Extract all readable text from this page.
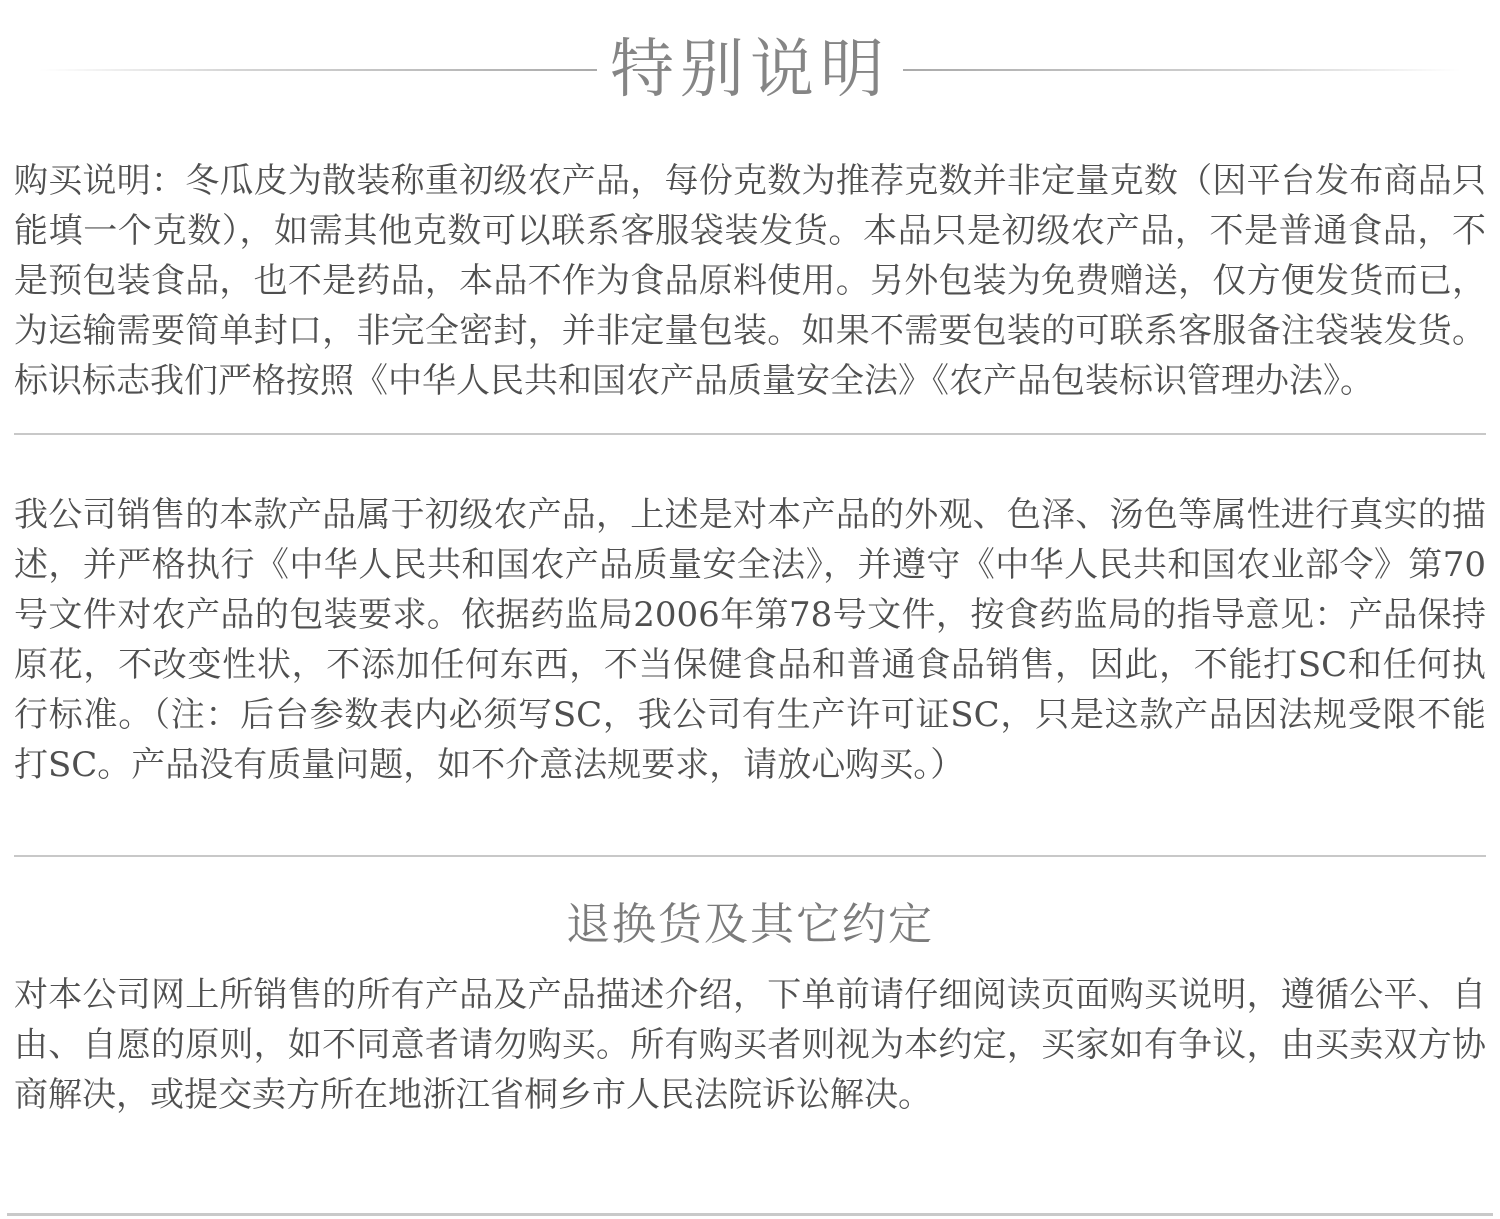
特别说明

购买说明：冬瓜皮为散装称重初级农产品，每份克数为推荐克数并非定量克数（因平台发布商品只能填一个克数），如需其他克数可以联系客服袋装发货。本品只是初级农产品，不是普通食品，不是预包装食品，也不是药品，本品不作为食品原料使用。另外包装为免费赠送，仅方便发货而已，为运输需要简单封口，非完全密封，并非定量包装。如果不需要包装的可联系客服备注袋装发货。标识标志我们严格按照《中华人民共和国农产品质量安全法》《农产品包装标识管理办法》。

我公司销售的本款产品属于初级农产品，上述是对本产品的外观、色泽、汤色等属性进行真实的描述，并严格执行《中华人民共和国农产品质量安全法》，并遵守《中华人民共和国农业部令》第70号文件对农产品的包装要求。依据药监局2006年第78号文件，按食药监局的指导意见：产品保持原花，不改变性状，不添加任何东西，不当保健食品和普通食品销售，因此，不能打SC和任何执行标准。（注：后台参数表内必须写SC，我公司有生产许可证SC，只是这款产品因法规受限不能打SC。产品没有质量问题，如不介意法规要求，请放心购买。）

退换货及其它约定

对本公司网上所销售的所有产品及产品描述介绍，下单前请仔细阅读页面购买说明，遵循公平、自由、自愿的原则，如不同意者请勿购买。所有购买者则视为本约定，买家如有争议，由买卖双方协商解决，或提交卖方所在地浙江省桐乡市人民法院诉讼解决。
